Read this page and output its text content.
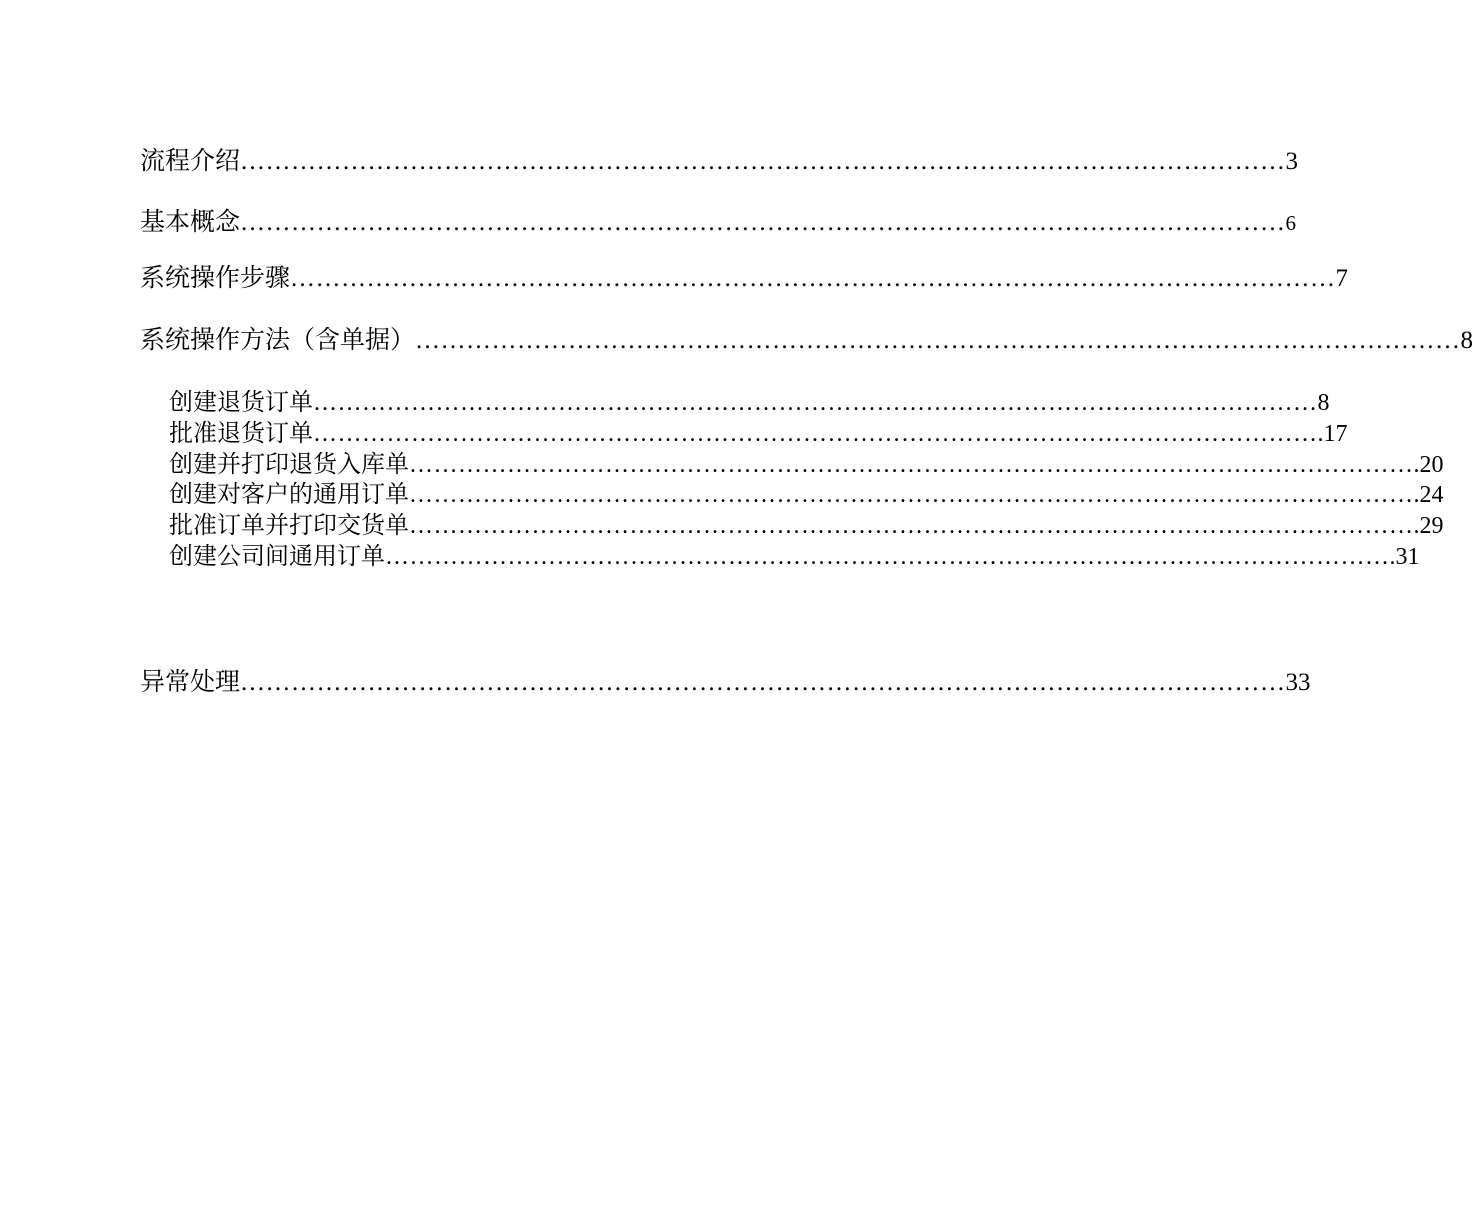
流程介绍 …………………………………………………………………………………………………………… 3
基本概念 …………………………………………………………………………………………………………… 6
系统操作步骤 …………………………………………………………………………………………………………… 7
系统操作方法（含单据） …………………………………………………………………………………………………………… 8
创建退货订单 …………………………………………………………………………………………………………… 8
批准退货订单 …………………………………………………………………………………………………………… .17
创建并打印退货入库单 …………………………………………………………………………………………………………… .20
创建对客户的通用订单 …………………………………………………………………………………………………………… .24
批准订单并打印交货单 …………………………………………………………………………………………………………… .29
创建公司间通用订单 …………………………………………………………………………………………………………… .31
异常处理 …………………………………………………………………………………………………………… 33
